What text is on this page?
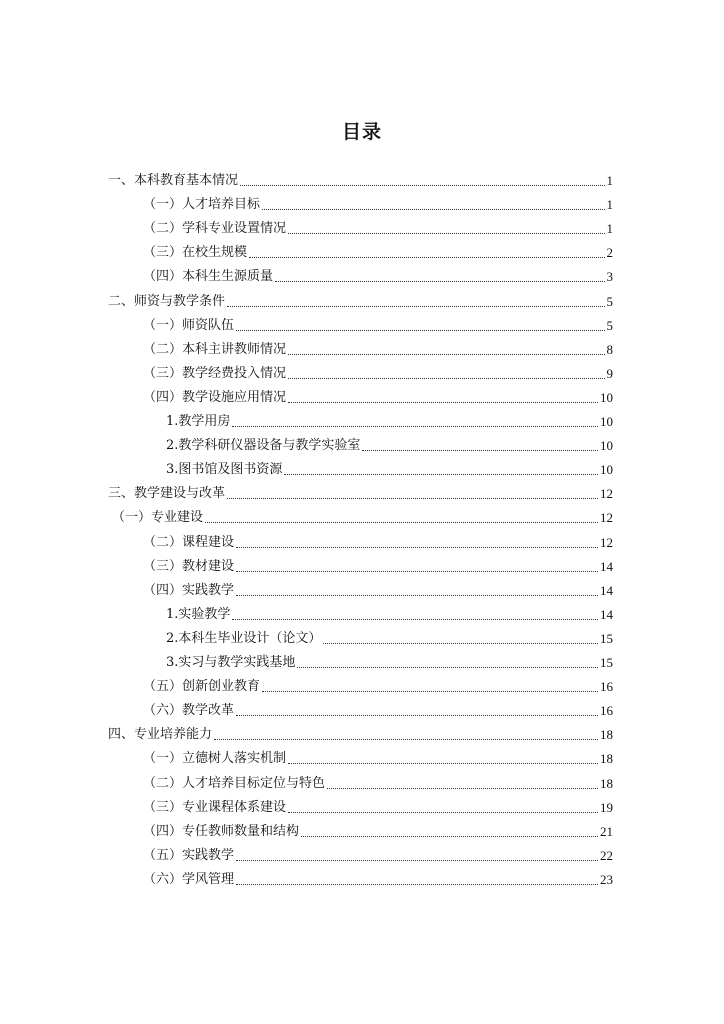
目录
一、本科教育基本情况	1
（一）人才培养目标	1
（二）学科专业设置情况	1
（三）在校生规模	2
（四）本科生生源质量	3
二、师资与教学条件	5
（一）师资队伍	5
（二）本科主讲教师情况	8
（三）教学经费投入情况	9
（四）教学设施应用情况	10
1.教学用房	10
2.教学科研仪器设备与教学实验室	10
3.图书馆及图书资源	10
三、教学建设与改革	12
（一）专业建设	12
（二）课程建设	12
（三）教材建设	14
（四）实践教学	14
1.实验教学	14
2.本科生毕业设计（论文）	15
3.实习与教学实践基地	15
（五）创新创业教育	16
（六）教学改革	16
四、专业培养能力	18
（一）立德树人落实机制	18
（二）人才培养目标定位与特色	18
（三）专业课程体系建设	19
（四）专任教师数量和结构	21
（五）实践教学	22
（六）学风管理	23
